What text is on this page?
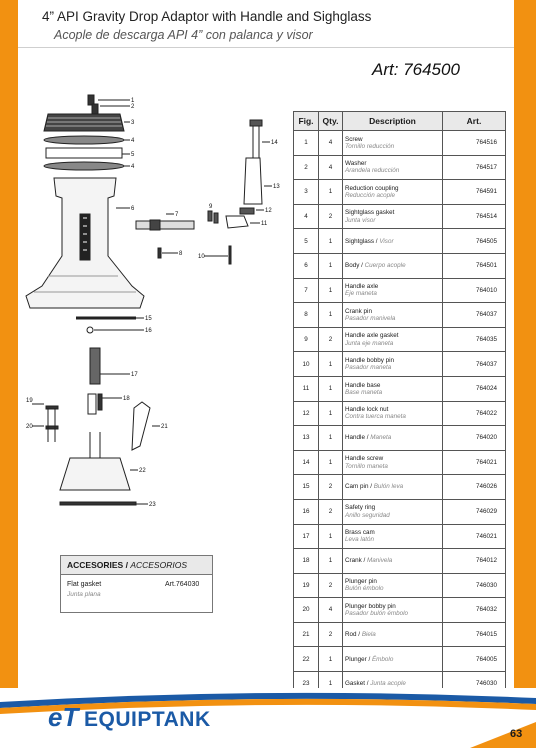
4” API Gravity Drop Adaptor with Handle and Sighglass
Acople de descarga API 4” con palanca y visor
Art: 764500
1
2
3
4
5
4
6
7
8
9
10
11
12
13
14
15
16
17
18
19
20	21
22
23
Fig.	Qty.	Description	Art.
1	4	Screw
Tornillo reducción	764516
2	4	Washer
Arandela reducción	764517
3	1	Reduction coupling
Reducción acople	764591
4	2	Sightglass gasket
Junta visor	764514
5	1	Sightglass / Visor	764505
6	1	Body / Cuerpo acople	764501
7	1	Handle axle
Eje maneta	764010
8	1	Crank pin
Pasador manivela	764037
9	2	Handle axle gasket
Junta eje maneta	764035
10	1	Handle bobby pin
Pasador maneta	764037
11	1	Handle base
Base maneta	764024
12	1	Handle lock nut
Contra tuerca maneta	764022
13	1	Handle / Maneta	764020
14	1	Handle screw
Tornillo maneta	764021
15	2	Cam pin / Bulón leva	746026
16	2	Safety ring
Anillo seguridad	746029
17	1	Brass cam
Leva latón	746021
18	1	Crank / Manivela	764012
19	2	Plunger pin
Bulón émbolo	746030
20	4	Plunger bobby pin
Pasador bulón émbolo	764032
21	2	Rod / Biela	764015
22	1	Plunger / Émbolo	764005
23	1	Gasket / Junta acople	746030
ACCESORIES / ACCESORIOS
Flat gasket
Junta plana
Art.764030
eT EQUIPTANK
63
